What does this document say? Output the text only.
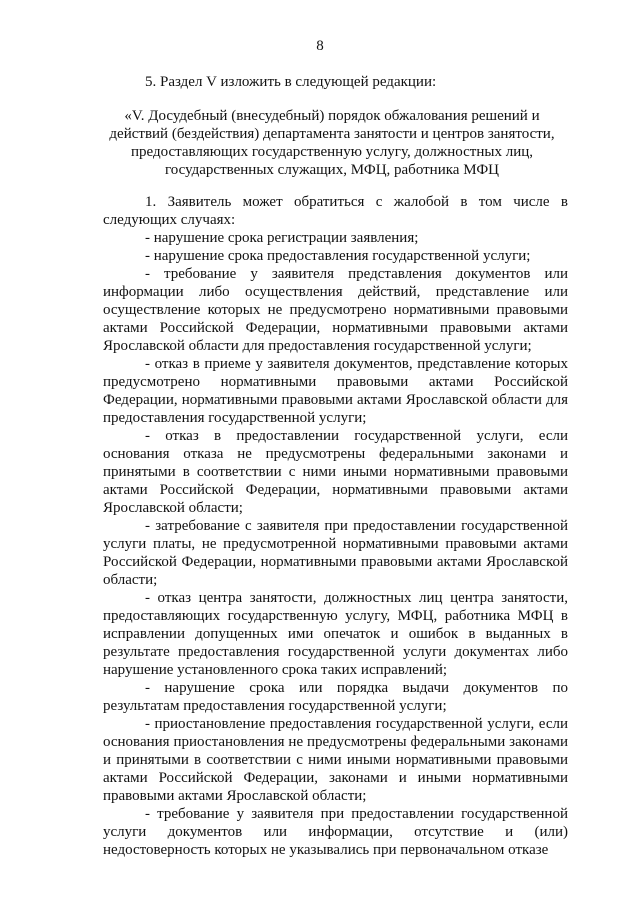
8

5. Раздел V изложить в следующей редакции:

«V. Досудебный (внесудебный) порядок обжалования решений и действий (бездействия) департамента занятости и центров занятости, предоставляющих государственную услугу, должностных лиц, государственных служащих, МФЦ, работника МФЦ

1. Заявитель может обратиться с жалобой в том числе в следующих случаях:

- нарушение срока регистрации заявления;

- нарушение срока предоставления государственной услуги;

- требование у заявителя представления документов или информации либо осуществления действий, представление или осуществление которых не предусмотрено нормативными правовыми актами Российской Федерации, нормативными правовыми актами Ярославской области для предоставления государственной услуги;

- отказ в приеме у заявителя документов, представление которых предусмотрено нормативными правовыми актами Российской Федерации, нормативными правовыми актами Ярославской области для предоставления государственной услуги;

- отказ в предоставлении государственной услуги, если основания отказа не предусмотрены федеральными законами и принятыми в соответствии с ними иными нормативными правовыми актами Российской Федерации, нормативными правовыми актами Ярославской области;

- затребование с заявителя при предоставлении государственной услуги платы, не предусмотренной нормативными правовыми актами Российской Федерации, нормативными правовыми актами Ярославской области;

- отказ центра занятости, должностных лиц центра занятости, предоставляющих государственную услугу, МФЦ, работника МФЦ в исправлении допущенных ими опечаток и ошибок в выданных в результате предоставления государственной услуги документах либо нарушение установленного срока таких исправлений;

- нарушение срока или порядка выдачи документов по результатам предоставления государственной услуги;

- приостановление предоставления государственной услуги, если основания приостановления не предусмотрены федеральными законами и принятыми в соответствии с ними иными нормативными правовыми актами Российской Федерации, законами и иными нормативными правовыми актами Ярославской области;

- требование у заявителя при предоставлении государственной услуги документов или информации, отсутствие и (или) недостоверность которых не указывались при первоначальном отказе
